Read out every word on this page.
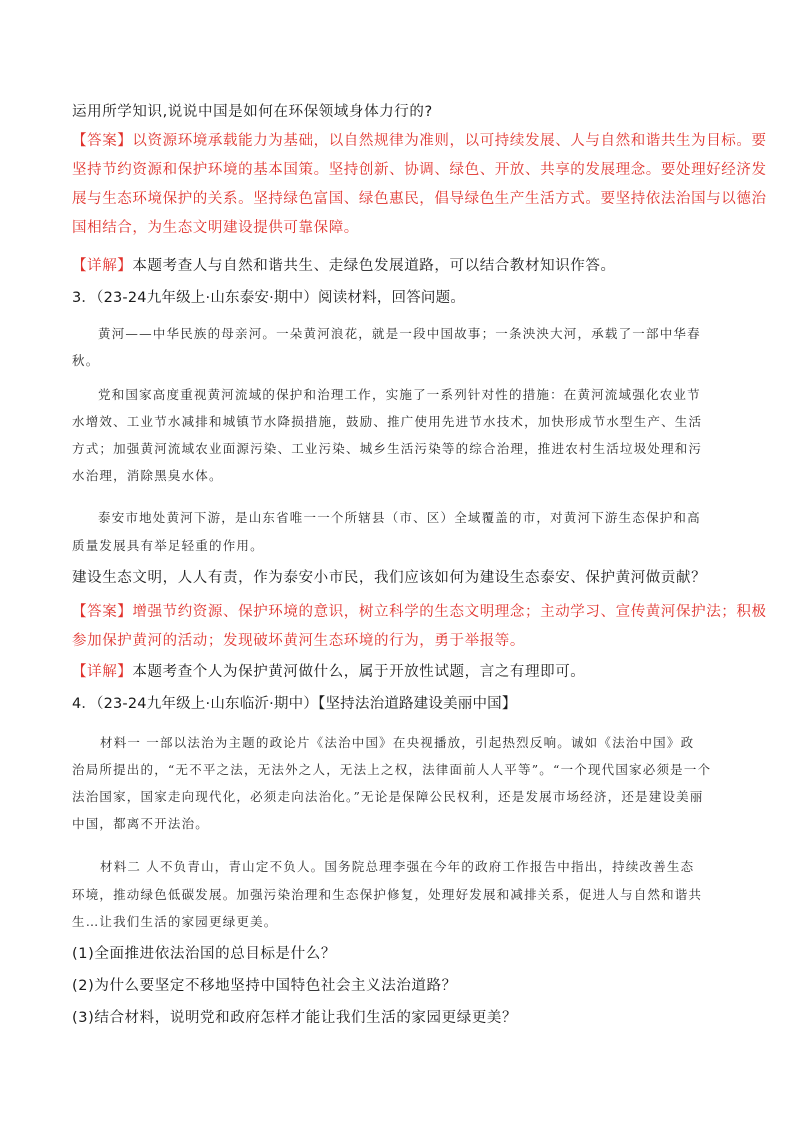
运用所学知识,说说中国是如何在环保领域身体力行的?
【答案】以资源环境承载能力为基础，以自然规律为准则，以可持续发展、人与自然和谐共生为目标。要
坚持节约资源和保护环境的基本国策。坚持创新、协调、绿色、开放、共享的发展理念。要处理好经济发
展与生态环境保护的关系。坚持绿色富国、绿色惠民，倡导绿色生产生活方式。要坚持依法治国与以德治
国相结合，为生态文明建设提供可靠保障。
【详解】本题考查人与自然和谐共生、走绿色发展道路，可以结合教材知识作答。
3．（23-24九年级上·山东泰安·期中）阅读材料，回答问题。
黄河——中华民族的母亲河。一朵黄河浪花，就是一段中国故事；一条泱泱大河，承载了一部中华春
秋。
党和国家高度重视黄河流域的保护和治理工作，实施了一系列针对性的措施：在黄河流域强化农业节
水增效、工业节水减排和城镇节水降损措施，鼓励、推广使用先进节水技术，加快形成节水型生产、生活
方式；加强黄河流域农业面源污染、工业污染、城乡生活污染等的综合治理，推进农村生活垃圾处理和污
水治理，消除黑臭水体。
泰安市地处黄河下游，是山东省唯一一个所辖县（市、区）全域覆盖的市，对黄河下游生态保护和高
质量发展具有举足轻重的作用。
建设生态文明，人人有责，作为泰安小市民，我们应该如何为建设生态泰安、保护黄河做贡献？
【答案】增强节约资源、保护环境的意识，树立科学的生态文明理念；主动学习、宣传黄河保护法；积极
参加保护黄河的活动；发现破坏黄河生态环境的行为，勇于举报等。
【详解】本题考查个人为保护黄河做什么，属于开放性试题，言之有理即可。
4．（23-24九年级上·山东临沂·期中）【坚持法治道路建设美丽中国】
材料一 一部以法治为主题的政论片《法治中国》在央视播放，引起热烈反响。诚如《法治中国》政
治局所提出的，“无不平之法，无法外之人，无法上之权，法律面前人人平等”。“一个现代国家必须是一个
法治国家，国家走向现代化，必须走向法治化。”无论是保障公民权利，还是发展市场经济，还是建设美丽
中国，都离不开法治。
材料二 人不负青山，青山定不负人。国务院总理李强在今年的政府工作报告中指出，持续改善生态
环境，推动绿色低碳发展。加强污染治理和生态保护修复，处理好发展和减排关系，促进人与自然和谐共
生…让我们生活的家园更绿更美。
(1)全面推进依法治国的总目标是什么？
(2)为什么要坚定不移地坚持中国特色社会主义法治道路？
(3)结合材料，说明党和政府怎样才能让我们生活的家园更绿更美？
